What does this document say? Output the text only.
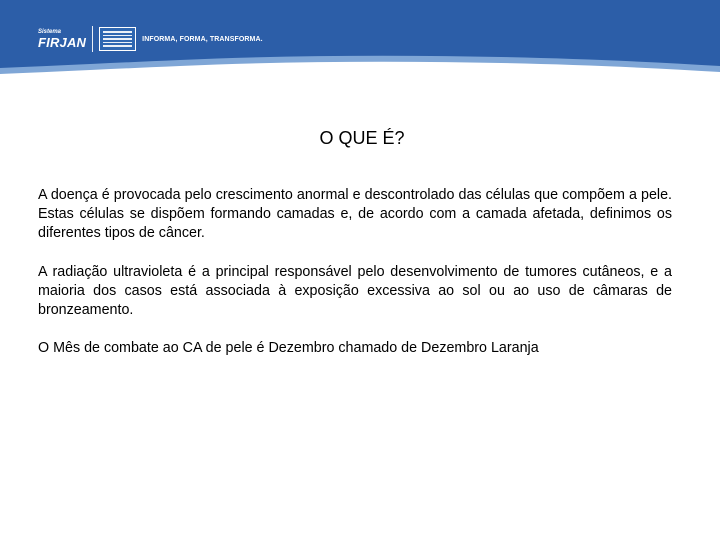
Sistema
FIRJAN	INFORMA, FORMA, TRANSFORMA.
O QUE É?

A doença é provocada pelo crescimento anormal e descontrolado das células que compõem a pele. Estas células se dispõem formando camadas e, de acordo com a camada afetada, definimos os diferentes tipos de câncer.

A radiação ultravioleta é a principal responsável pelo desenvolvimento de tumores cutâneos, e a maioria dos casos está associada à exposição excessiva ao sol ou ao uso de câmaras de bronzeamento.

O Mês de combate ao CA de pele é Dezembro chamado de Dezembro Laranja
